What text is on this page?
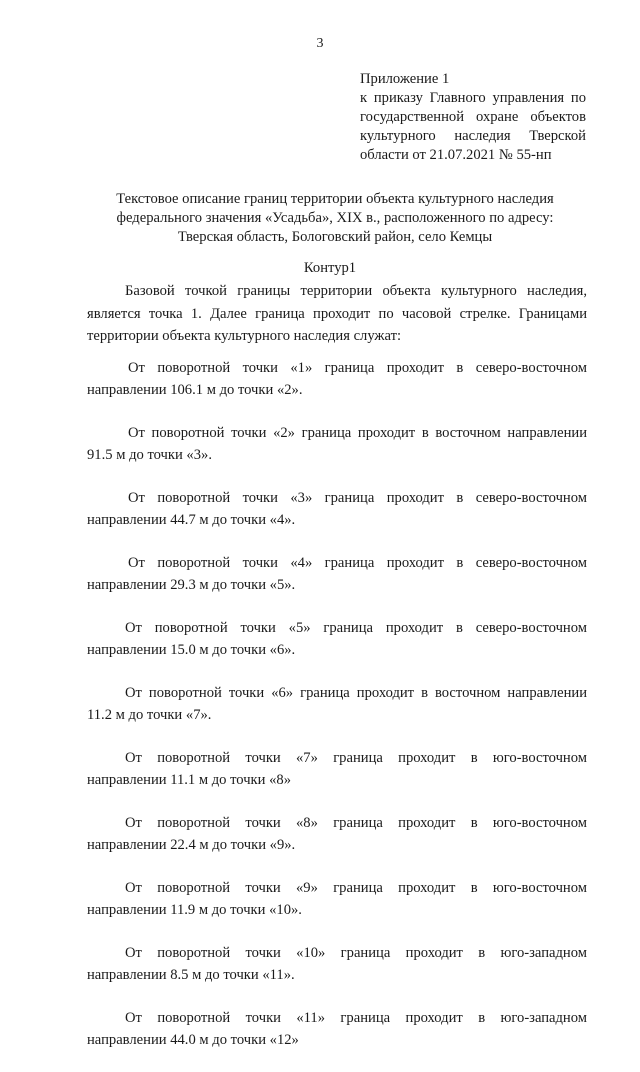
3
Приложение 1
к приказу Главного управления по
государственной охране объектов
культурного наследия Тверской
области от 21.07.2021 № 55-нп
Текстовое описание границ территории объекта культурного наследия
федерального значения «Усадьба», XIX в., расположенного по адресу:
Тверская область, Бологовский район, село Кемцы
Контур1
Базовой точкой границы территории объекта культурного наследия,
является точка 1. Далее граница проходит по часовой стрелке. Границами
территории объекта культурного наследия служат:
От поворотной точки «1» граница проходит в северо-восточном
направлении 106.1 м до точки «2».
От поворотной точки «2» граница проходит в восточном направлении
91.5 м до точки «3».
От поворотной точки «3» граница проходит в северо-восточном
направлении 44.7 м до точки «4».
От поворотной точки «4» граница проходит в северо-восточном
направлении 29.3 м до точки «5».
От поворотной точки «5» граница проходит в северо-восточном
направлении 15.0 м до точки «6».
От поворотной точки «6» граница проходит в восточном направлении
11.2 м до точки «7».
От поворотной точки «7» граница проходит в юго-восточном
направлении 11.1 м до точки «8»
От поворотной точки «8» граница проходит в юго-восточном
направлении 22.4 м до точки «9».
От поворотной точки «9» граница проходит в юго-восточном
направлении 11.9 м до точки «10».
От поворотной точки «10» граница проходит в юго-западном
направлении 8.5 м до точки «11».
От поворотной точки «11» граница проходит в юго-западном
направлении 44.0 м до точки «12»
